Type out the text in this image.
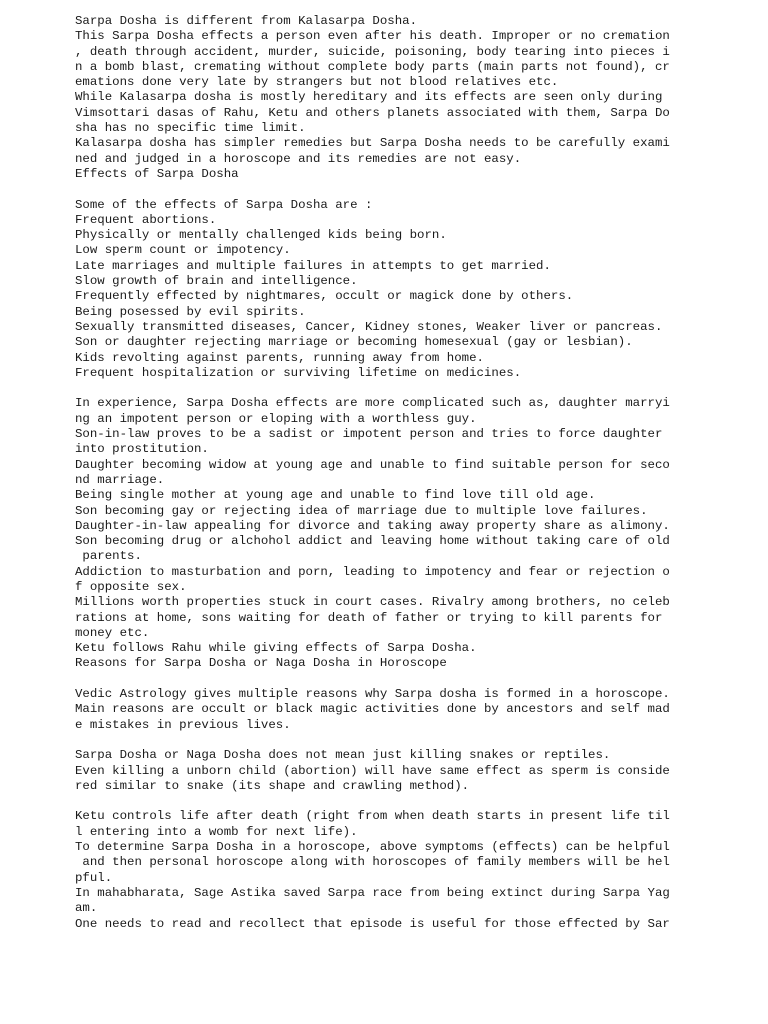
Sarpa Dosha is different from Kalasarpa Dosha.
This Sarpa Dosha effects a person even after his death. Improper or no cremation
, death through accident, murder, suicide, poisoning, body tearing into pieces i
n a bomb blast, cremating without complete body parts (main parts not found), cr
emations done very late by strangers but not blood relatives etc.
While Kalasarpa dosha is mostly hereditary and its effects are seen only during
Vimsottari dasas of Rahu, Ketu and others planets associated with them, Sarpa Do
sha has no specific time limit.
Kalasarpa dosha has simpler remedies but Sarpa Dosha needs to be carefully exami
ned and judged in a horoscope and its remedies are not easy.
Effects of Sarpa Dosha
Some of the effects of Sarpa Dosha are :
Frequent abortions.
Physically or mentally challenged kids being born.
Low sperm count or impotency.
Late marriages and multiple failures in attempts to get married.
Slow growth of brain and intelligence.
Frequently effected by nightmares, occult or magick done by others.
Being posessed by evil spirits.
Sexually transmitted diseases, Cancer, Kidney stones, Weaker liver or pancreas.
Son or daughter rejecting marriage or becoming homesexual (gay or lesbian).
Kids revolting against parents, running away from home.
Frequent hospitalization or surviving lifetime on medicines.
In experience, Sarpa Dosha effects are more complicated such as, daughter marryi
ng an impotent person or eloping with a worthless guy.
Son-in-law proves to be a sadist or impotent person and tries to force daughter
into prostitution.
Daughter becoming widow at young age and unable to find suitable person for seco
nd marriage.
Being single mother at young age and unable to find love till old age.
Son becoming gay or rejecting idea of marriage due to multiple love failures.
Daughter-in-law appealing for divorce and taking away property share as alimony.
Son becoming drug or alchohol addict and leaving home without taking care of old
parents.
Addiction to masturbation and porn, leading to impotency and fear or rejection o
f opposite sex.
Millions worth properties stuck in court cases. Rivalry among brothers, no celeb
rations at home, sons waiting for death of father or trying to kill parents for
money etc.
Ketu follows Rahu while giving effects of Sarpa Dosha.
Reasons for Sarpa Dosha or Naga Dosha in Horoscope
Vedic Astrology gives multiple reasons why Sarpa dosha is formed in a horoscope.
Main reasons are occult or black magic activities done by ancestors and self mad
e mistakes in previous lives.
Sarpa Dosha or Naga Dosha does not mean just killing snakes or reptiles.
Even killing a unborn child (abortion) will have same effect as sperm is conside
red similar to snake (its shape and crawling method).
Ketu controls life after death (right from when death starts in present life til
l entering into a womb for next life).
To determine Sarpa Dosha in a horoscope, above symptoms (effects) can be helpful
and then personal horoscope along with horoscopes of family members will be hel
pful.
In mahabharata, Sage Astika saved Sarpa race from being extinct during Sarpa Yag
am.
One needs to read and recollect that episode is useful for those effected by Sar
